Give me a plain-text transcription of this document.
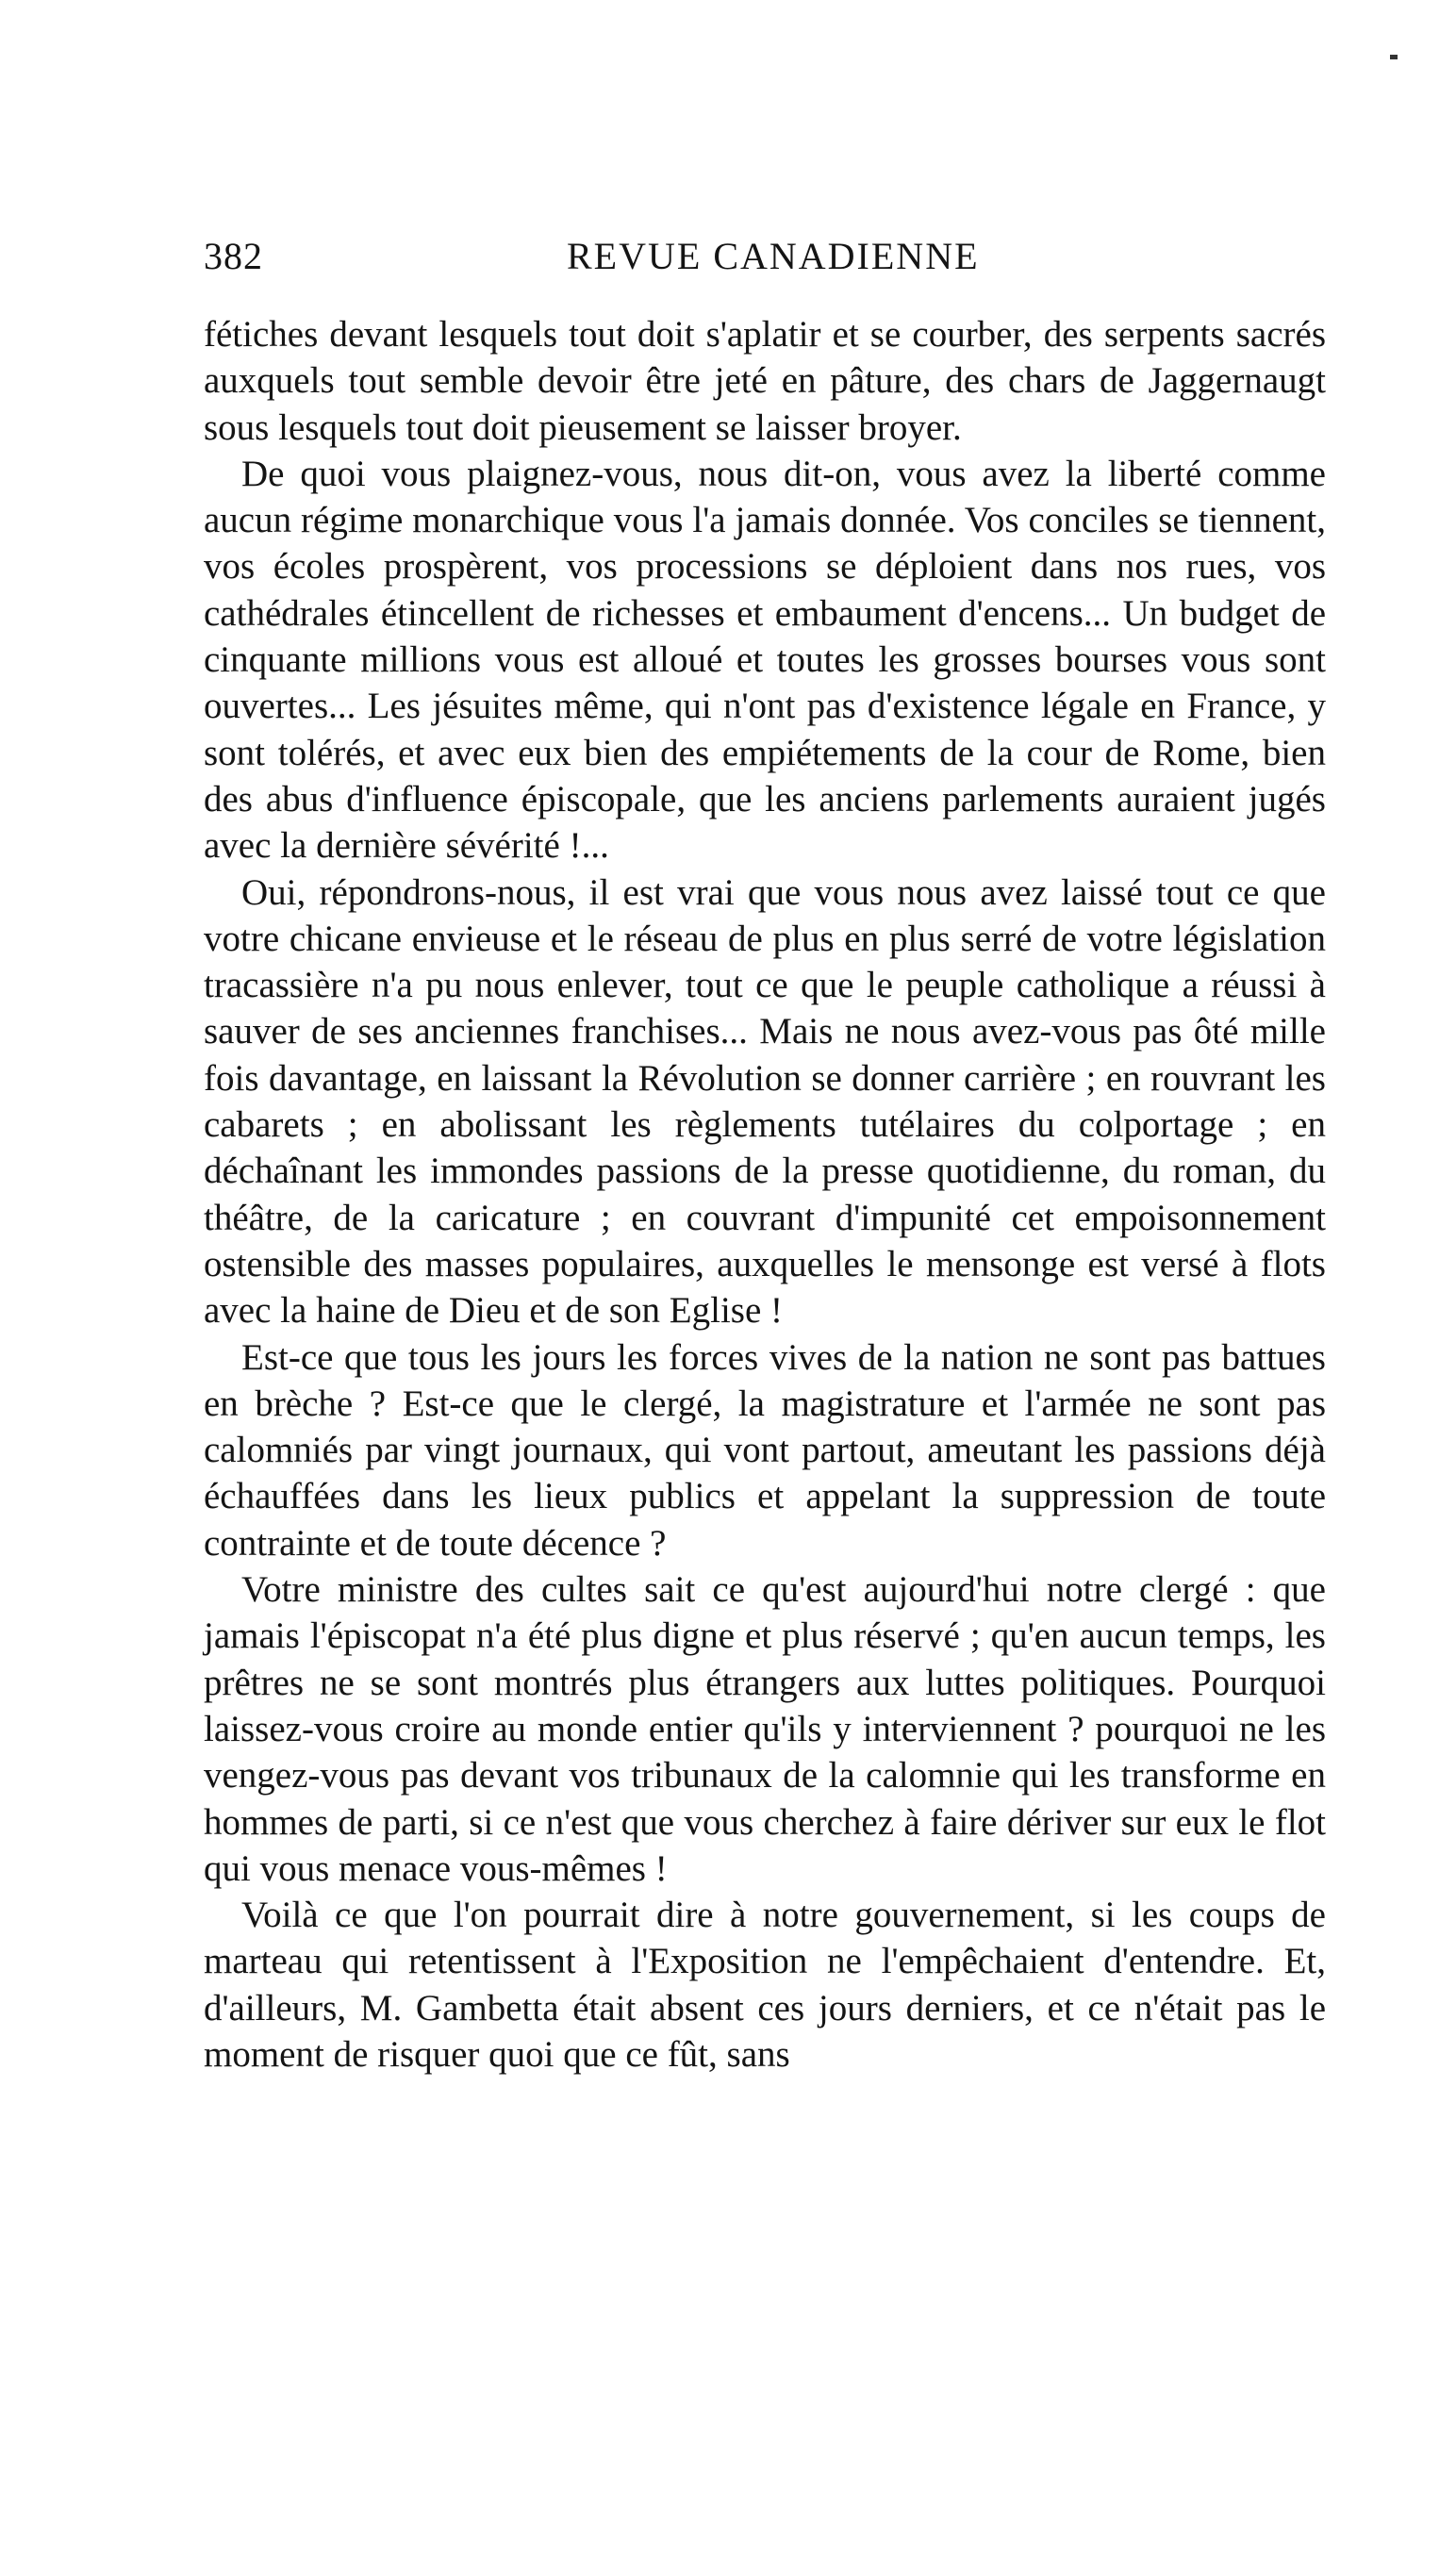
382	REVUE CANADIENNE

fétiches devant lesquels tout doit s'aplatir et se courber, des serpents sacrés auxquels tout semble devoir être jeté en pâture, des chars de Jaggernaugt sous lesquels tout doit pieusement se laisser broyer.

De quoi vous plaignez-vous, nous dit-on, vous avez la liberté comme aucun régime monarchique vous l'a jamais donnée. Vos conciles se tiennent, vos écoles prospèrent, vos processions se déploient dans nos rues, vos cathédrales étincellent de richesses et embaument d'encens... Un budget de cinquante millions vous est alloué et toutes les grosses bourses vous sont ouvertes... Les jésuites même, qui n'ont pas d'existence légale en France, y sont tolérés, et avec eux bien des empiétements de la cour de Rome, bien des abus d'influence épiscopale, que les anciens parlements auraient jugés avec la dernière sévérité !...

Oui, répondrons-nous, il est vrai que vous nous avez laissé tout ce que votre chicane envieuse et le réseau de plus en plus serré de votre législation tracassière n'a pu nous enlever, tout ce que le peuple catholique a réussi à sauver de ses anciennes franchises... Mais ne nous avez-vous pas ôté mille fois davantage, en laissant la Révolution se donner carrière ; en rouvrant les cabarets ; en abolissant les règlements tutélaires du colportage ; en déchaînant les immondes passions de la presse quotidienne, du roman, du théâtre, de la caricature ; en couvrant d'impunité cet empoisonnement ostensible des masses populaires, auxquelles le mensonge est versé à flots avec la haine de Dieu et de son Eglise !

Est-ce que tous les jours les forces vives de la nation ne sont pas battues en brèche ? Est-ce que le clergé, la magistrature et l'armée ne sont pas calomniés par vingt journaux, qui vont partout, ameutant les passions déjà échauffées dans les lieux publics et appelant la suppression de toute contrainte et de toute décence ?

Votre ministre des cultes sait ce qu'est aujourd'hui notre clergé : que jamais l'épiscopat n'a été plus digne et plus réservé ; qu'en aucun temps, les prêtres ne se sont montrés plus étrangers aux luttes politiques. Pourquoi laissez-vous croire au monde entier qu'ils y interviennent ? pourquoi ne les vengez-vous pas devant vos tribunaux de la calomnie qui les transforme en hommes de parti, si ce n'est que vous cherchez à faire dériver sur eux le flot qui vous menace vous-mêmes !

Voilà ce que l'on pourrait dire à notre gouvernement, si les coups de marteau qui retentissent à l'Exposition ne l'empêchaient d'entendre. Et, d'ailleurs, M. Gambetta était absent ces jours derniers, et ce n'était pas le moment de risquer quoi que ce fût, sans
